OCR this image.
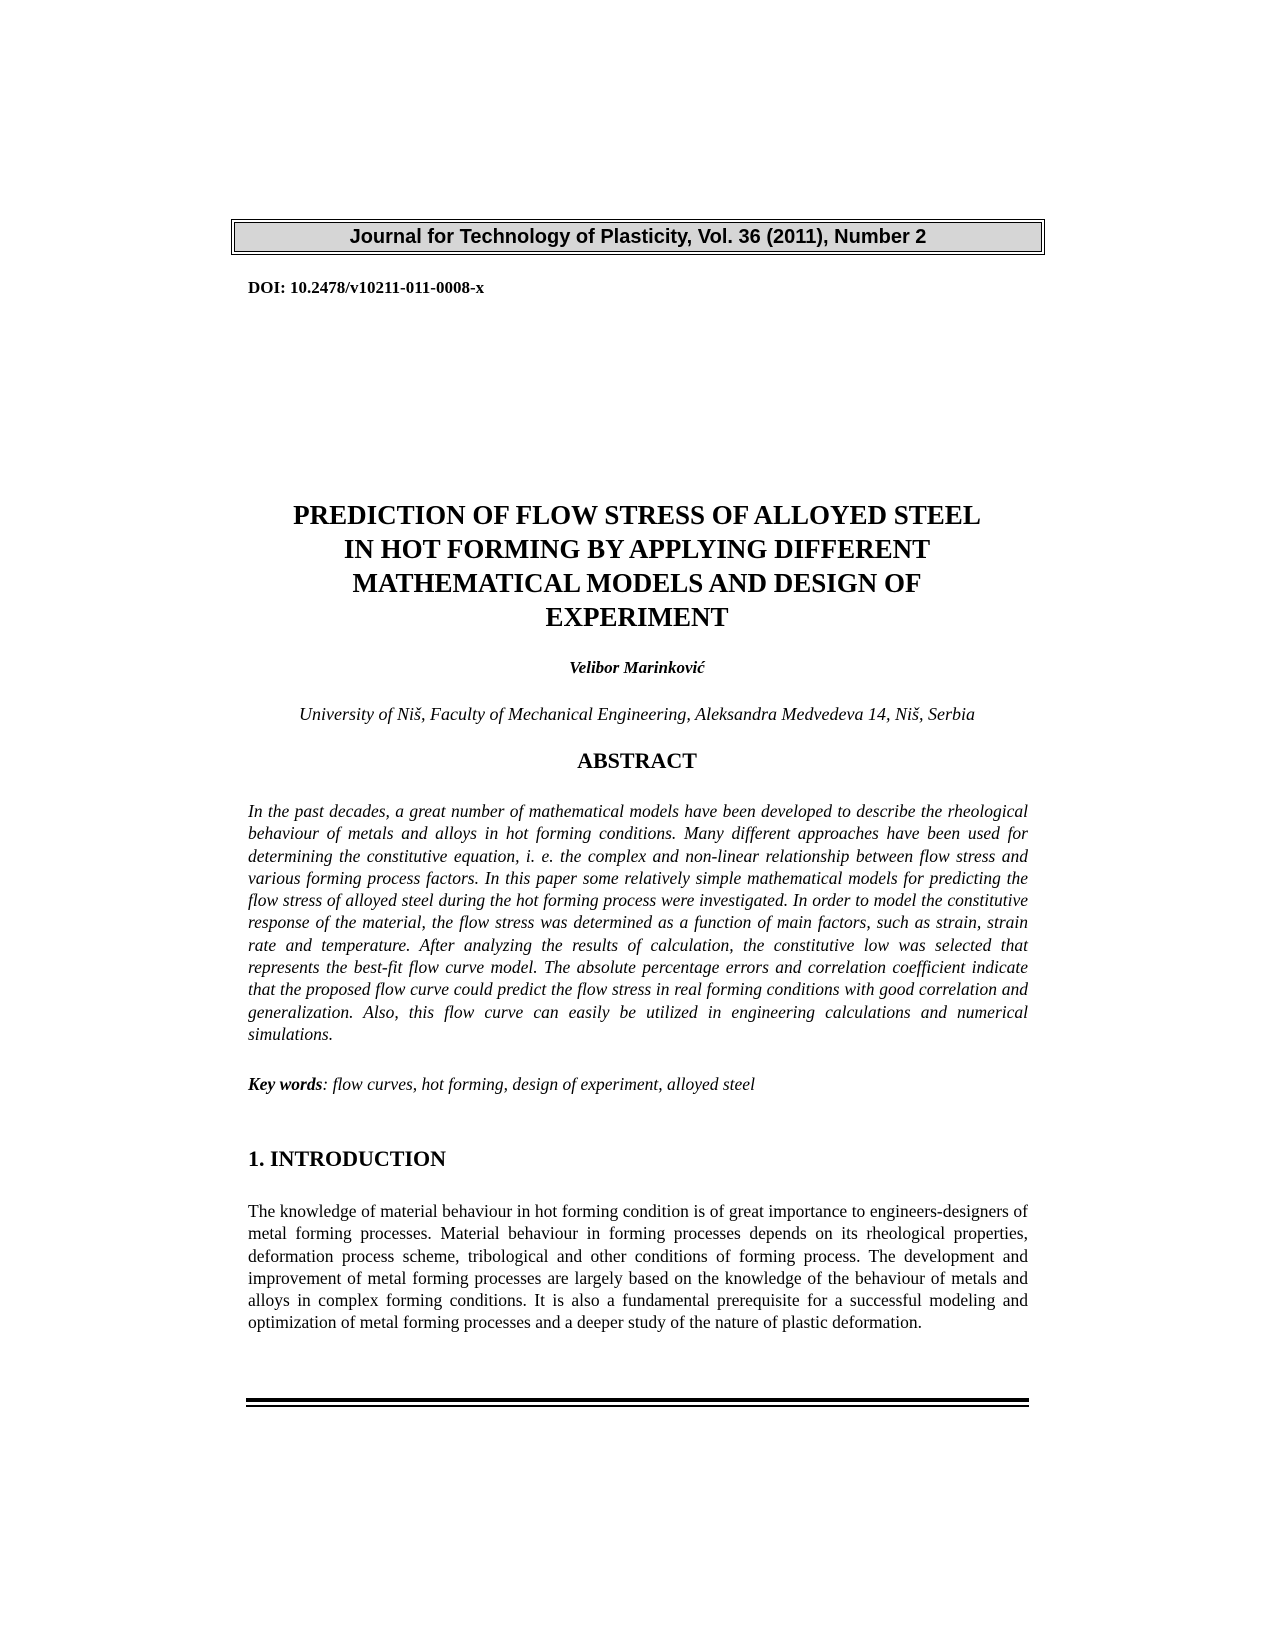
Journal for Technology of Plasticity, Vol. 36 (2011), Number 2
DOI: 10.2478/v10211-011-0008-x
PREDICTION OF FLOW STRESS OF ALLOYED STEEL
IN HOT FORMING BY APPLYING DIFFERENT
MATHEMATICAL MODELS AND DESIGN OF
EXPERIMENT
Velibor Marinković
University of Niš, Faculty of Mechanical Engineering, Aleksandra Medvedeva 14, Niš, Serbia
ABSTRACT

In the past decades, a great number of mathematical models have been developed to describe the rheological behaviour of metals and alloys in hot forming conditions. Many different approaches have been used for determining the constitutive equation, i. e. the complex and non-linear relationship between flow stress and various forming process factors. In this paper some relatively simple mathematical models for predicting the flow stress of alloyed steel during the hot forming process were investigated. In order to model the constitutive response of the material, the flow stress was determined as a function of main factors, such as strain, strain rate and temperature. After analyzing the results of calculation, the constitutive low was selected that represents the best-fit flow curve model. The absolute percentage errors and correlation coefficient indicate that the proposed flow curve could predict the flow stress in real forming conditions with good correlation and generalization. Also, this flow curve can easily be utilized in engineering calculations and numerical simulations.

Key words: flow curves, hot forming, design of experiment, alloyed steel
1. INTRODUCTION

The knowledge of material behaviour in hot forming condition is of great importance to engineers-designers of metal forming processes. Material behaviour in forming processes depends on its rheological properties, deformation process scheme, tribological and other conditions of forming process. The development and improvement of metal forming processes are largely based on the knowledge of the behaviour of metals and alloys in complex forming conditions. It is also a fundamental prerequisite for a successful modeling and optimization of metal forming processes and a deeper study of the nature of plastic deformation.
